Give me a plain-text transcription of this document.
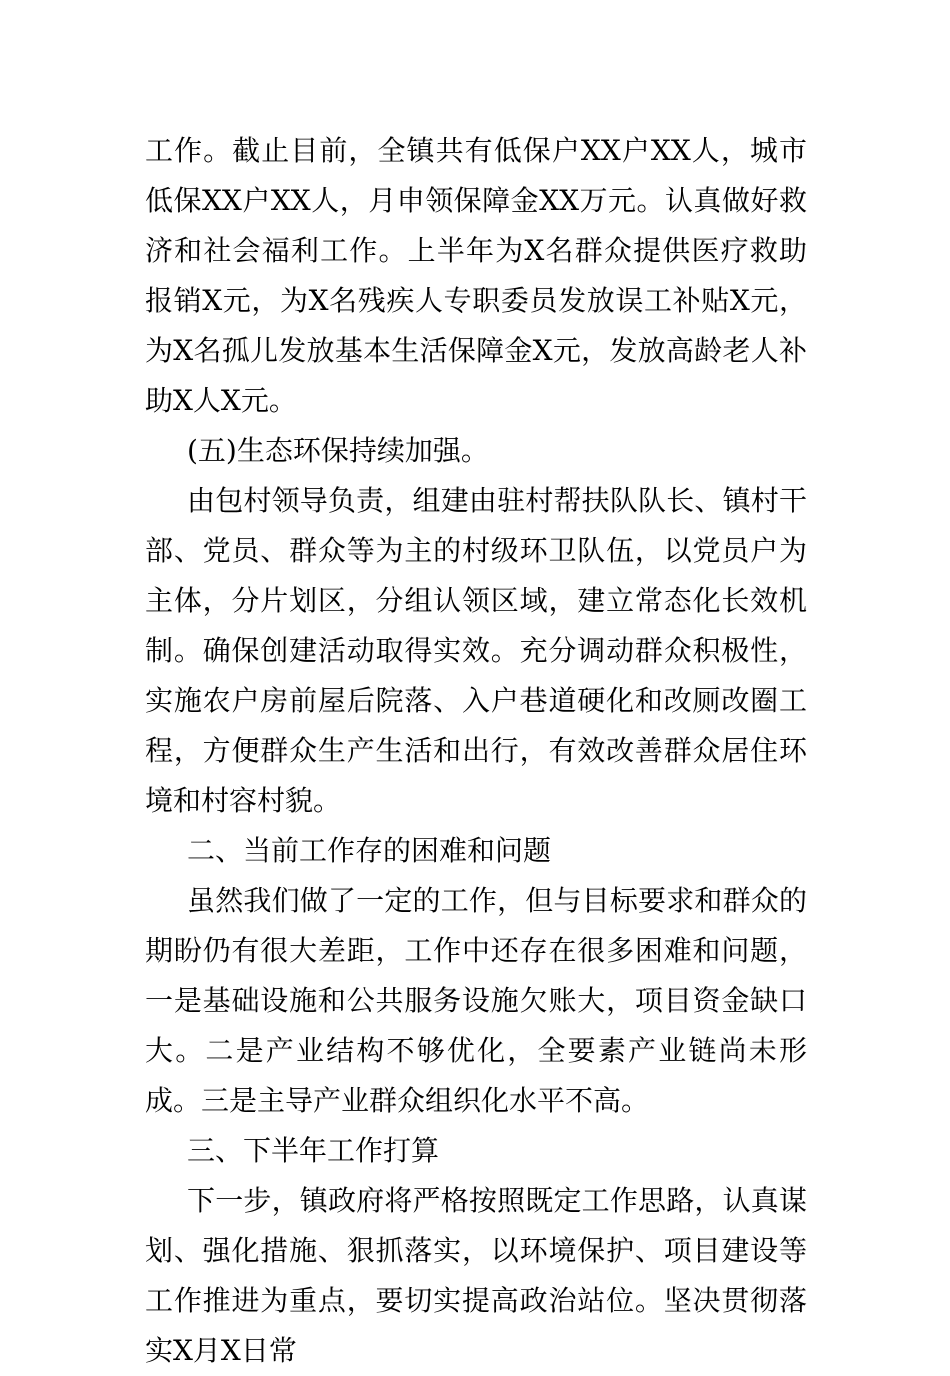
工作。截止目前，全镇共有低保户XX户XX人，城市低保XX户XX人，月申领保障金XX万元。认真做好救济和社会福利工作。上半年为X名群众提供医疗救助报销X元，为X名残疾人专职委员发放误工补贴X元，为X名孤儿发放基本生活保障金X元，发放高龄老人补助X人X元。

(五)生态环保持续加强。

由包村领导负责，组建由驻村帮扶队队长、镇村干部、党员、群众等为主的村级环卫队伍，以党员户为主体，分片划区，分组认领区域，建立常态化长效机制。确保创建活动取得实效。充分调动群众积极性，实施农户房前屋后院落、入户巷道硬化和改厕改圈工程，方便群众生产生活和出行，有效改善群众居住环境和村容村貌。

二、当前工作存的困难和问题

虽然我们做了一定的工作，但与目标要求和群众的期盼仍有很大差距，工作中还存在很多困难和问题，一是基础设施和公共服务设施欠账大，项目资金缺口大。二是产业结构不够优化，全要素产业链尚未形成。三是主导产业群众组织化水平不高。

三、下半年工作打算

下一步，镇政府将严格按照既定工作思路，认真谋划、强化措施、狠抓落实，以环境保护、项目建设等工作推进为重点，要切实提高政治站位。坚决贯彻落实X月X日常
